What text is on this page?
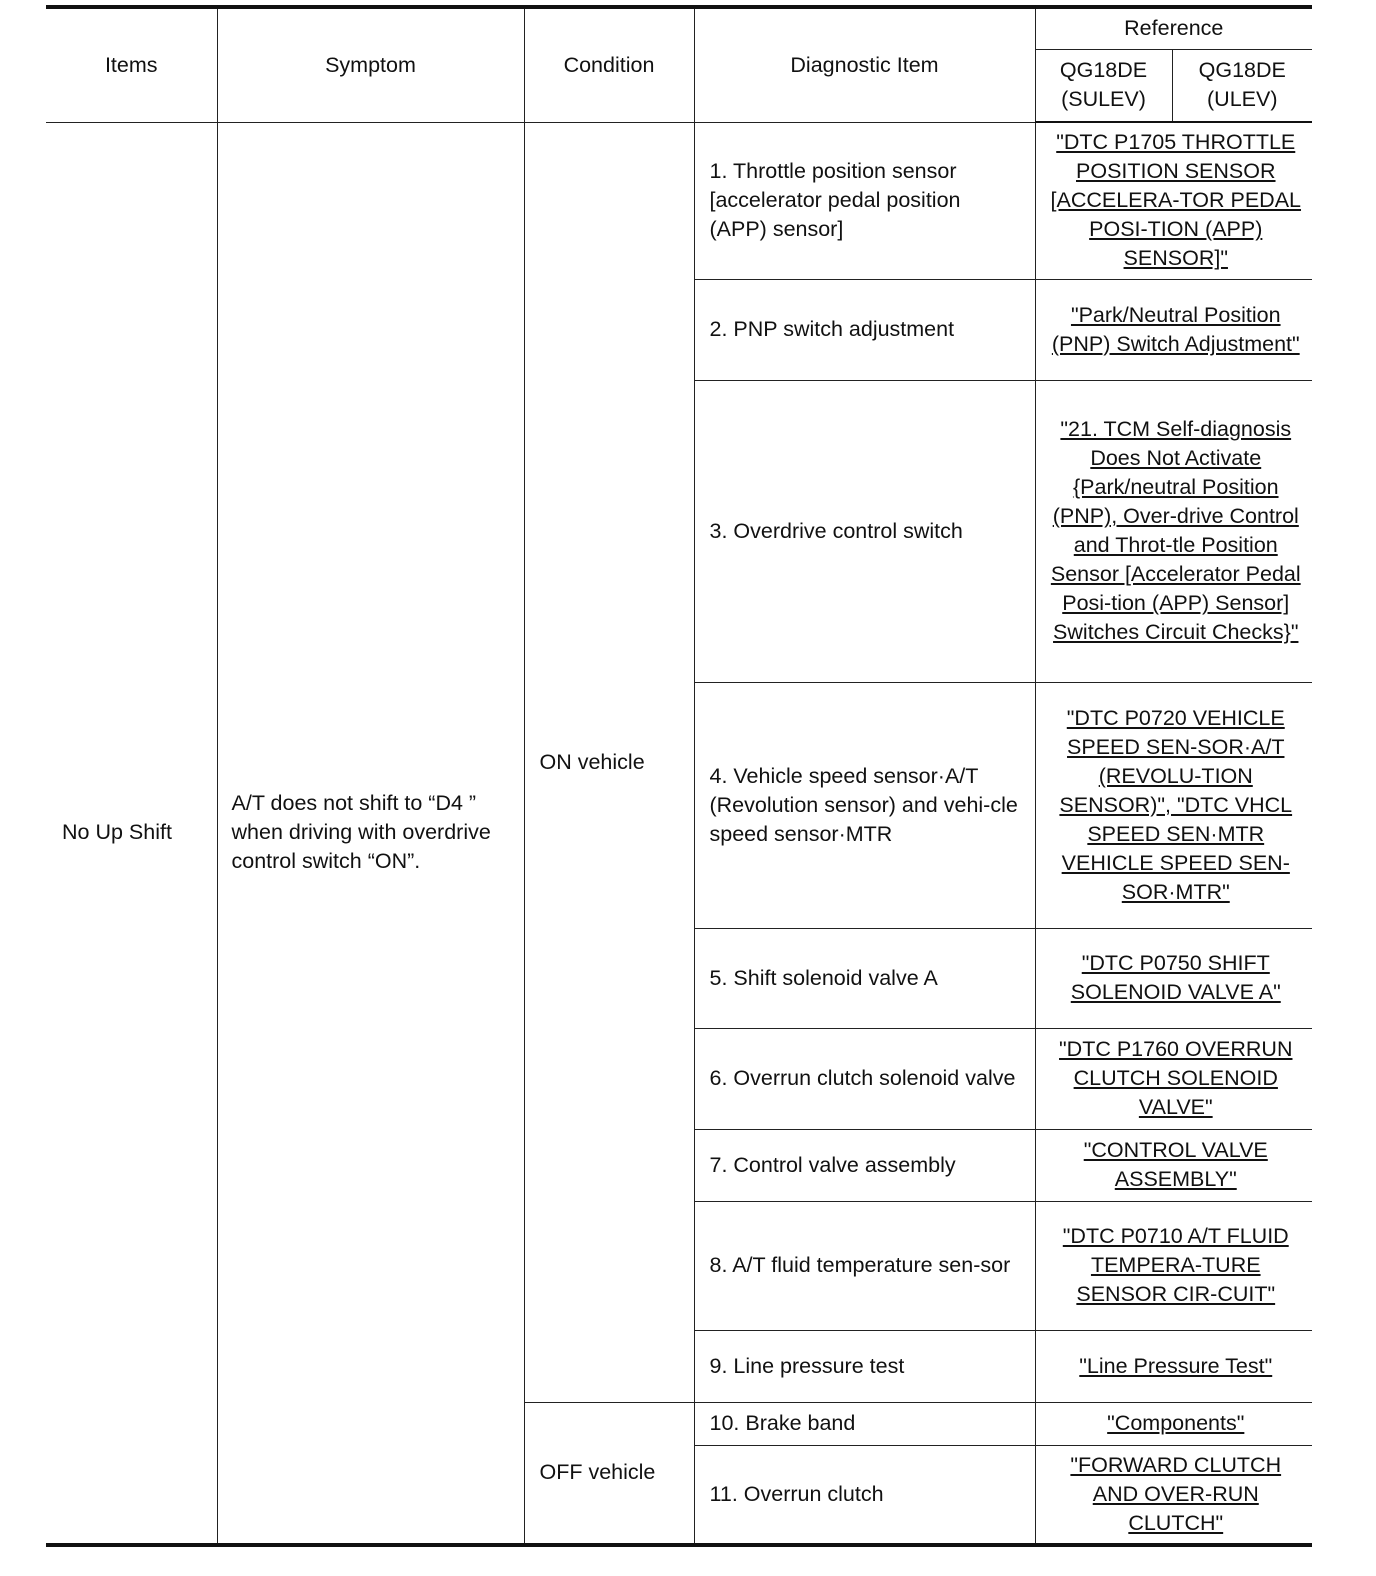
Items	Symptom	Condition	Diagnostic Item	Reference	
				QG18DE (SULEV)	QG18DE (ULEV)
No Up Shift	A/T does not shift to “D4 ” when driving with overdrive control switch “ON”.	ON vehicle	1. Throttle position sensor [accelerator pedal position (APP) sensor]	"DTC P1705 THROTTLE POSITION SENSOR [ACCELERA-TOR PEDAL POSI-TION (APP) SENSOR]"	
			2. PNP switch adjustment	"Park/Neutral Position (PNP) Switch Adjustment"	
			3. Overdrive control switch	"21. TCM Self-diagnosis Does Not Activate {Park/neutral Position (PNP), Over-drive Control and Throt-tle Position Sensor [Accelerator Pedal Posi-tion (APP) Sensor] Switches Circuit Checks}"	
			4. Vehicle speed sensor·A/T (Revolution sensor) and vehi-cle speed sensor·MTR	"DTC P0720 VEHICLE SPEED SEN-SOR·A/T (REVOLU-TION SENSOR)", "DTC VHCL SPEED SEN·MTR VEHICLE SPEED SEN-SOR·MTR"	
			5. Shift solenoid valve A	"DTC P0750 SHIFT SOLENOID VALVE A"	
			6. Overrun clutch solenoid valve	"DTC P1760 OVERRUN CLUTCH SOLENOID VALVE"	
			7. Control valve assembly	"CONTROL VALVE ASSEMBLY"	
			8. A/T fluid temperature sen-sor	"DTC P0710 A/T FLUID TEMPERA-TURE SENSOR CIR-CUIT"	
			9. Line pressure test	"Line Pressure Test"	
		OFF vehicle	10. Brake band	"Components"	
			11. Overrun clutch	"FORWARD CLUTCH AND OVER-RUN CLUTCH"	
